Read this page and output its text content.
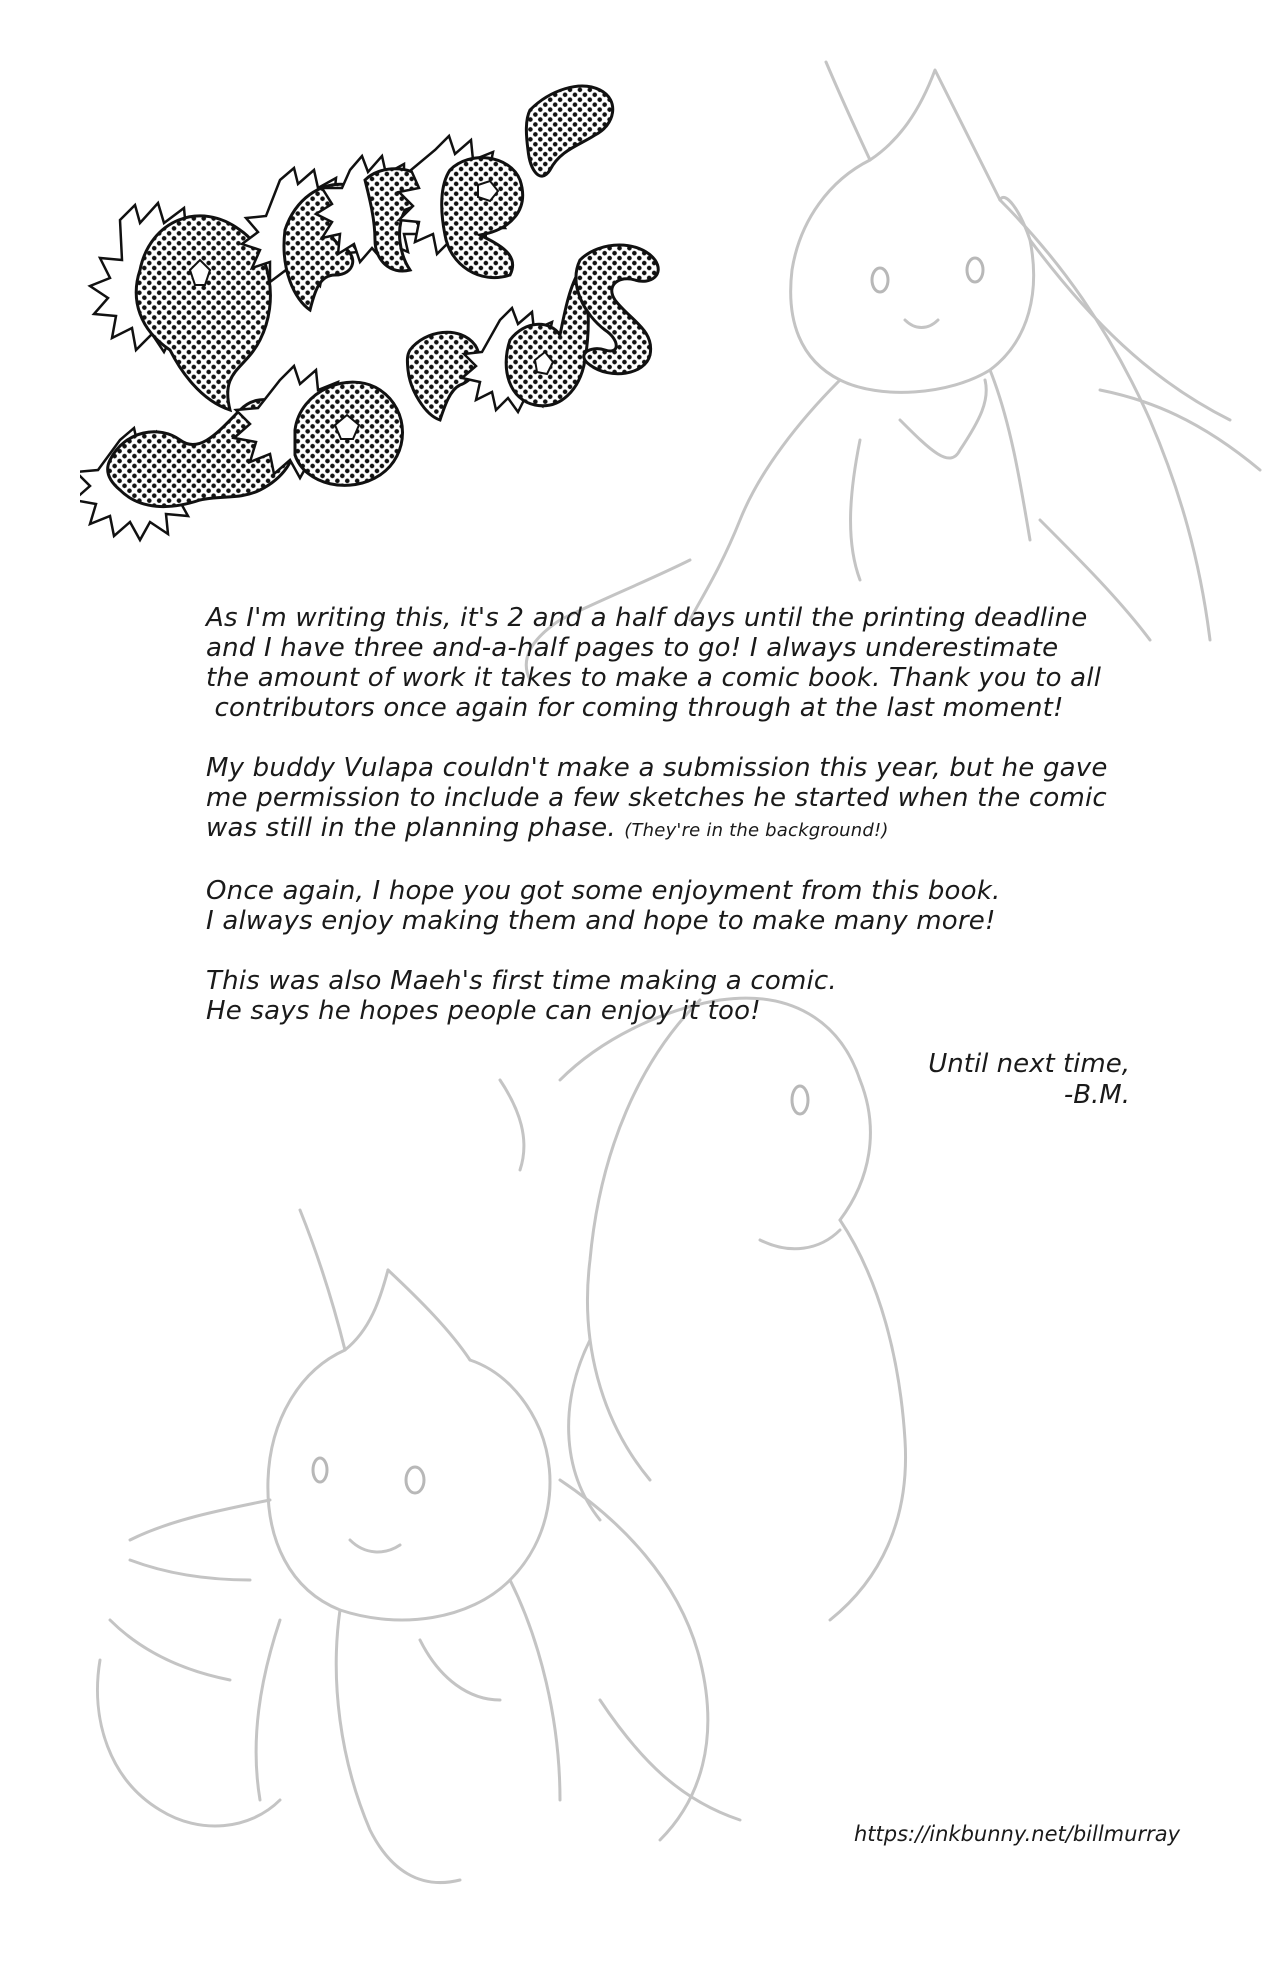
As I'm writing this, it's 2 and a half days until the printing deadline
and I have three and-a-half pages to go! I always underestimate
the amount of work it takes to make a comic book. Thank you to all
contributors once again for coming through at the last moment!

My buddy Vulapa couldn't make a submission this year, but he gave
me permission to include a few sketches he started when the comic
was still in the planning phase. (They're in the background!)

Once again, I hope you got some enjoyment from this book.
I always enjoy making them and hope to make many more!

This was also Maeh's first time making a comic.
He says he hopes people can enjoy it too!

Until next time,
-B.M.
https://inkbunny.net/billmurray
